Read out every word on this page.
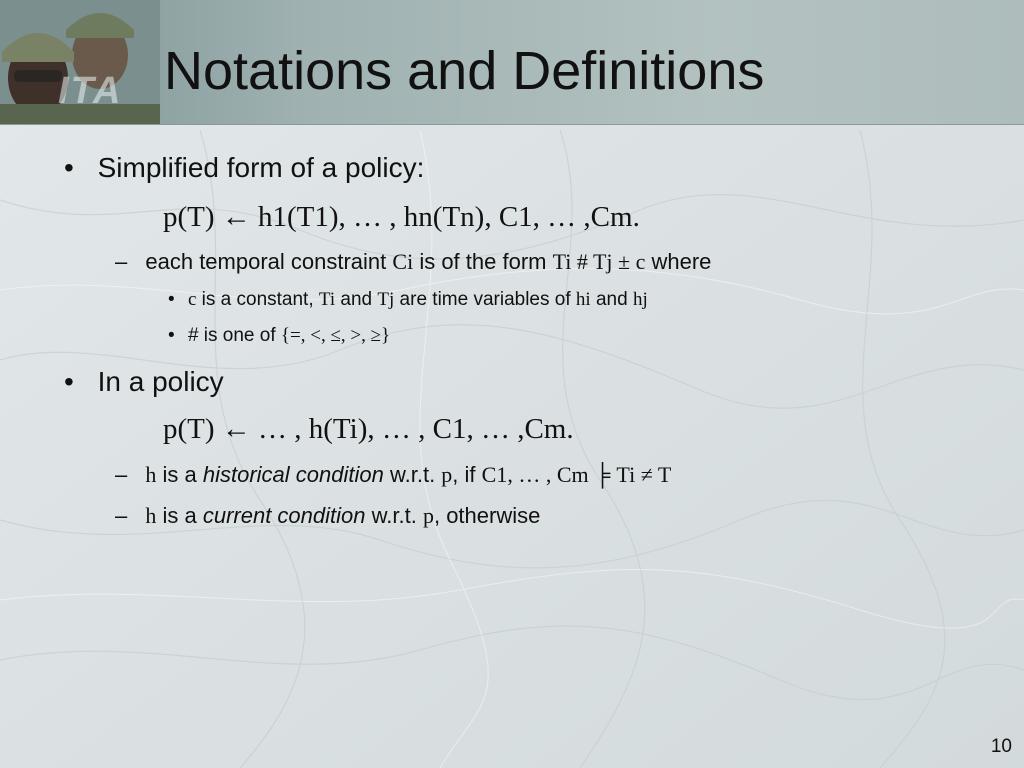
ITA Notations and Definitions
• Simplified form of a policy:
p(T) ← h1(T1), … , hn(Tn), C1, … ,Cm.
– each temporal constraint Ci is of the form Ti # Tj ± c where
• c is a constant, Ti and Tj are time variables of hi and hj
• # is one of {=, <, ≤, >, ≥}
• In a policy
p(T) ← … , h(Ti), … , C1, … ,Cm.
– h is a historical condition w.r.t. p, if C1, … , Cm ╞ Ti ≠ T
– h is a current condition w.r.t. p, otherwise
10
